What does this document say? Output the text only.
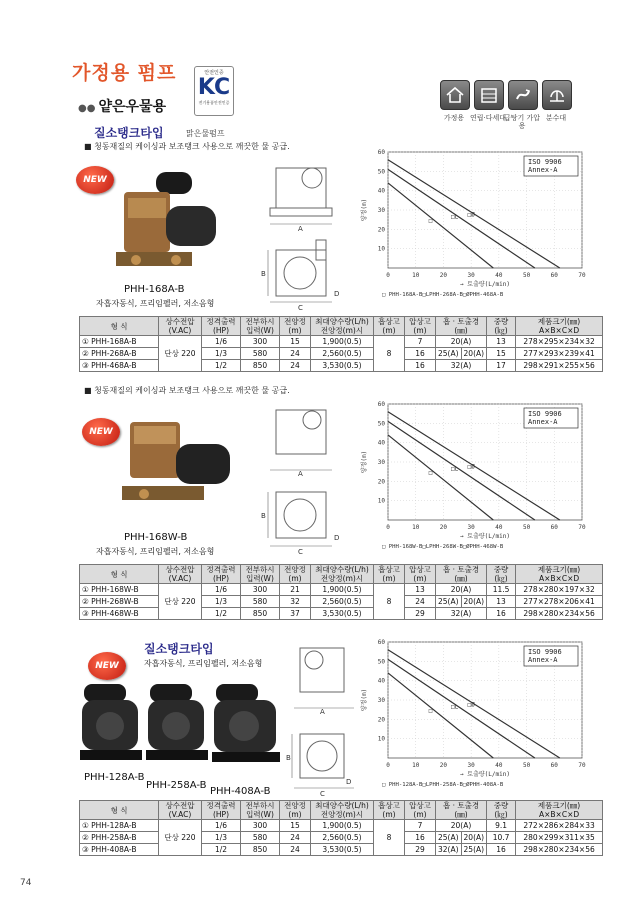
가정용 펌프
●● 얕은우물용
안전인증
KC
전기용품안전인증
가정용 연립·다세대
급탕기 가압용
분수대
질소탱크타입	맑은물펌프
■ 청동재질의 케이싱과 보조탱크 사용으로 깨끗한 물 공급.
NEW
PHH-168A-B
자흡자동식, 프리임펠러, 저소음형
A
B
C
D
0	10	20	30	40	50	60	70
10
20
30
40
50
60
□
□L □Ø
ISO 9906
Annex-A
양정(m)
→ 토출량(L/min)
□ PHH-168A-B□LPHH-268A-B□ØPHH-468A-B
형 식	상수전압
(V.AC)	정격출력
(HP)	전부하시
입력(W)	전양정
(m)	최대양수량(L/h)
전양정(m)시	흡상고
(m)	압상고
(m)	흡 · 토출경
(㎜)		중량
(㎏)	제품크기(㎜)
A×B×C×D
① PHH-168A-B	단상 220	1/6	300	15	1,900(0.5)	8	7	20(A)		13	278×295×234×32
② PHH-268A-B		1/3	580	24	2,560(0.5)		16	25(A)	20(A)	15	277×293×239×41
③ PHH-468A-B		1/2	850	24	3,530(0.5)		16	32(A)		17	298×291×255×56
■ 청동재질의 케이싱과 보조탱크 사용으로 깨끗한 물 공급.
NEW
PHH-168W-B
자흡자동식, 프리임펠러, 저소음형
A
B
C
D
0	10	20	30	40	50	60	70
10
20
30
40
50
60
□
□L □Ø
ISO 9906
Annex-A
양정(m)
→ 토출량(L/min)
□ PHH-168W-B□LPHH-268W-B□ØPHH-468W-B
형 식	상수전압
(V.AC)	정격출력
(HP)	전부하시
입력(W)	전양정
(m)	최대양수량(L/h)
전양정(m)시	흡상고
(m)	압상고
(m)	흡 · 토출경
(㎜)		중량
(㎏)	제품크기(㎜)
A×B×C×D
① PHH-168W-B	단상 220	1/6	300	21	1,900(0.5)	8	13	20(A)		11.5	278×280×197×32
② PHH-268W-B		1/3	580	32	2,560(0.5)		24	25(A)	20(A)	13	277×278×206×41
③ PHH-468W-B		1/2	850	37	3,530(0.5)		29	32(A)		16	298×280×234×56
질소탱크타입
자흡자동식, 프리임펠러, 저소음형
NEW
PHH-128A-B
PHH-258A-B
PHH-408A-B
A
B
C
D
0	10	20	30	40	50	60	70
10
20
30
40
50
60
□
□L □Ø
ISO 9906
Annex-A
양정(m)
→ 토출량(L/min)
□ PHH-128A-B□LPHH-258A-B□ØPHH-408A-B
형 식	상수전압
(V.AC)	정격출력
(HP)	전부하시
입력(W)	전양정
(m)	최대양수량(L/h)
전양정(m)시	흡상고
(m)	압상고
(m)	흡 · 토출경
(㎜)		중량
(㎏)	제품크기(㎜)
A×B×C×D
① PHH-128A-B	단상 220	1/6	300	15	1,900(0.5)	8	7	20(A)		9.1	272×286×284×33
② PHH-258A-B		1/3	580	24	2,560(0.5)		16	25(A)	20(A)	10.7	280×299×311×35
③ PHH-408A-B		1/2	850	24	3,530(0.5)		29	32(A)	25(A)	16	298×280×234×56
74
